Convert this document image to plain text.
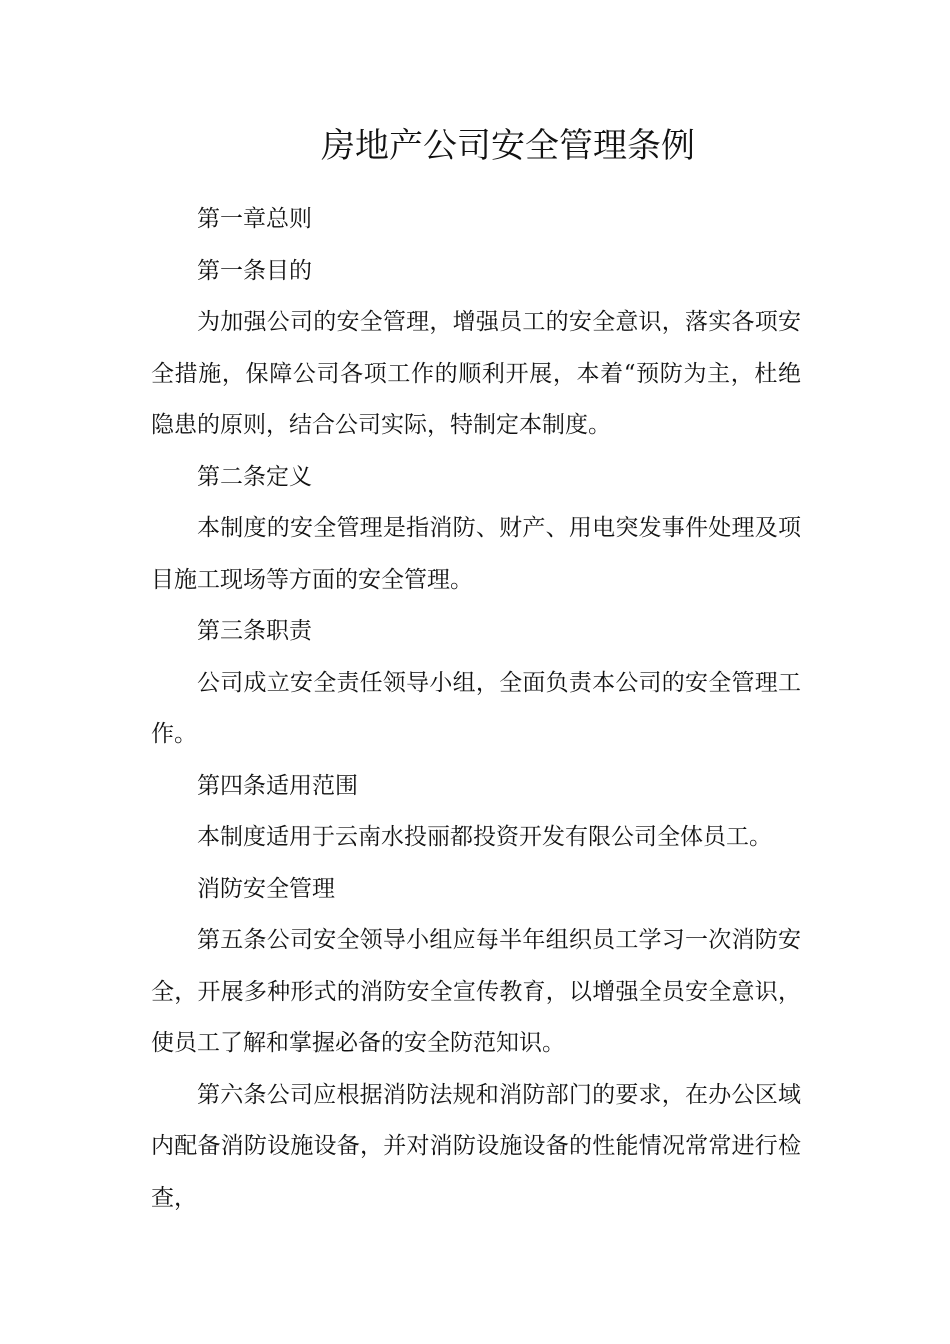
房地产公司安全管理条例

第一章总则

第一条目的

为加强公司的安全管理，增强员工的安全意识，落实各项安全措施，保障公司各项工作的顺利开展，本着“预防为主，杜绝隐患的原则，结合公司实际，特制定本制度。

第二条定义

本制度的安全管理是指消防、财产、用电突发事件处理及项目施工现场等方面的安全管理。

第三条职责

公司成立安全责任领导小组，全面负责本公司的安全管理工作。

第四条适用范围

本制度适用于云南水投丽都投资开发有限公司全体员工。

消防安全管理

第五条公司安全领导小组应每半年组织员工学习一次消防安全，开展多种形式的消防安全宣传教育，以增强全员安全意识，使员工了解和掌握必备的安全防范知识。

第六条公司应根据消防法规和消防部门的要求，在办公区域内配备消防设施设备，并对消防设施设备的性能情况常常进行检查，
